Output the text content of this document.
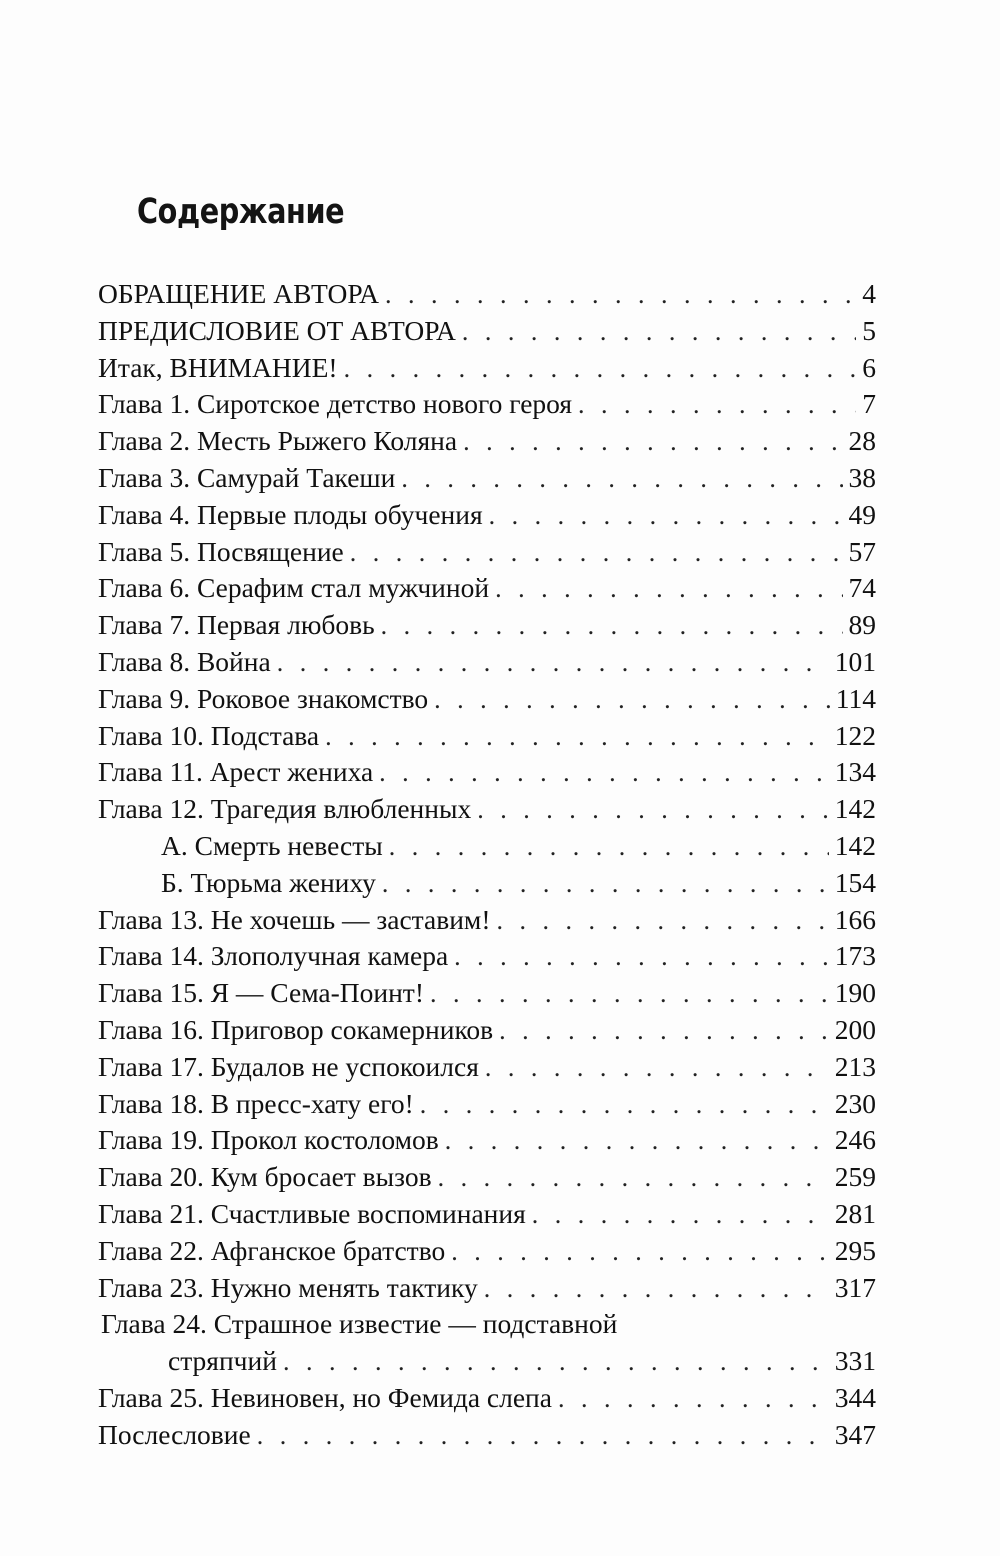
Содержание
ОБРАЩЕНИЕ АВТОРА . . .	4
ПРЕДИСЛОВИЕ ОТ АВТОРА . . .	5
Итак, ВНИМАНИЕ! . . .	6
Глава 1. Сиротское детство нового героя . . .	7
Глава 2. Месть Рыжего Коляна . . .	28
Глава 3. Самурай Такеши . . .	38
Глава 4. Первые плоды обучения . . .	49
Глава 5. Посвящение . . .	57
Глава 6. Серафим стал мужчиной . . .	74
Глава 7. Первая любовь . . .	89
Глава 8. Война . . .	101
Глава 9. Роковое знакомство . . .	114
Глава 10. Подстава . . .	122
Глава 11. Арест жениха . . .	134
Глава 12. Трагедия влюбленных . . .	142
А. Смерть невесты . . .	142
Б. Тюрьма жениху . . .	154
Глава 13. Не хочешь — заставим! . . .	166
Глава 14. Злополучная камера . . .	173
Глава 15. Я — Сема-Поинт! . . .	190
Глава 16. Приговор сокамерников . . .	200
Глава 17. Будалов не успокоился . . .	213
Глава 18. В пресс-хату его! . . .	230
Глава 19. Прокол костоломов . . .	246
Глава 20. Кум бросает вызов . . .	259
Глава 21. Счастливые воспоминания . . .	281
Глава 22. Афганское братство . . .	295
Глава 23. Нужно менять тактику . . .	317
Глава 24. Страшное известие — подставной
стряпчий . . .	331
Глава 25. Невиновен, но Фемида слепа . . .	344
Послесловие . . .	347
